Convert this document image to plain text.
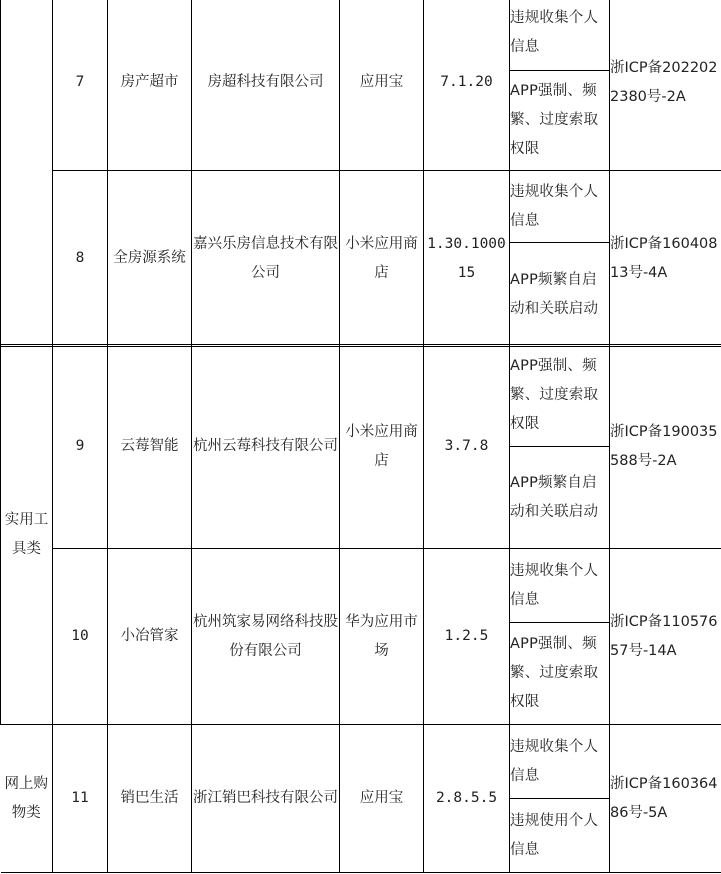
	7	房产超市	房超科技有限公司	应用宝	7.1.20	违规收集个人信息	浙ICP备2022022380号-2A
						APP强制、频繁、过度索取权限	
	8	全房源系统	嘉兴乐房信息技术有限公司	小米应用商店	1.30.100015	违规收集个人信息	浙ICP备16040813号-4A
						APP频繁自启动和关联启动	
实用工具类	9	云莓智能	杭州云莓科技有限公司	小米应用商店	3.7.8	APP强制、频繁、过度索取权限	浙ICP备190035588号-2A
						APP频繁自启动和关联启动	
	10	小冶管家	杭州筑家易网络科技股份有限公司	华为应用市场	1.2.5	违规收集个人信息	浙ICP备11057657号-14A
						APP强制、频繁、过度索取权限	
网上购物类	11	销巴生活	浙江销巴科技有限公司	应用宝	2.8.5.5	违规收集个人信息	浙ICP备16036486号-5A
						违规使用个人信息	
